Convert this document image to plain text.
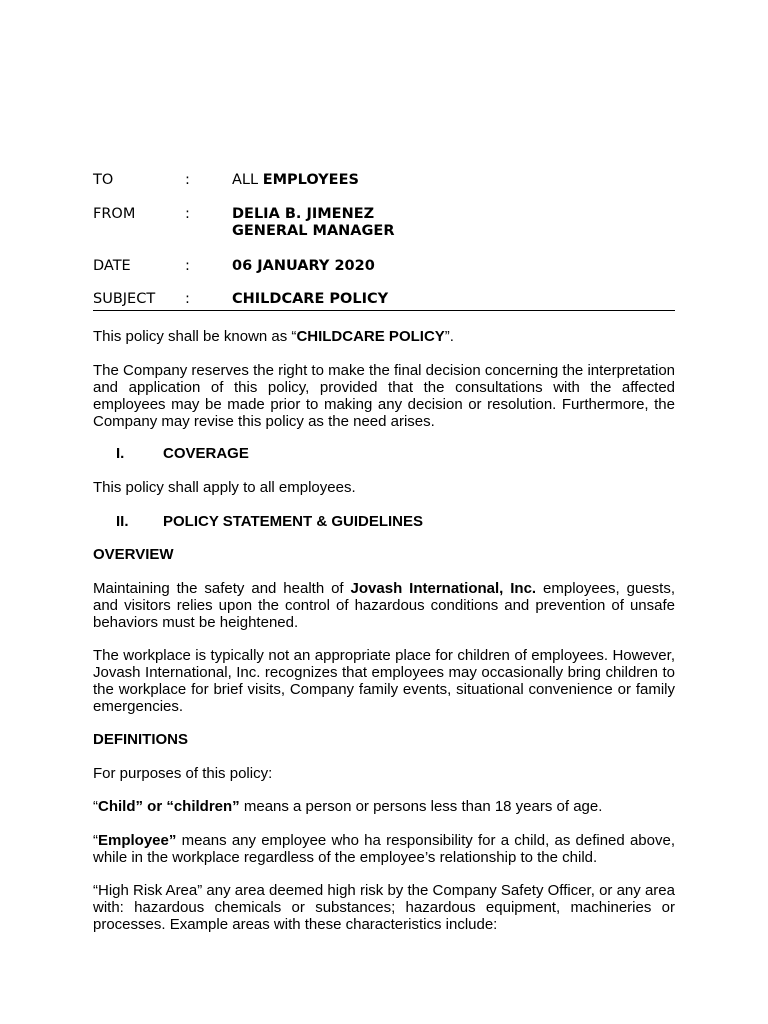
TO	:	ALL EMPLOYEES
FROM	:	DELIA B. JIMENEZ
GENERAL MANAGER
DATE	:	06 JANUARY 2020
SUBJECT :	CHILDCARE POLICY

This policy shall be known as “CHILDCARE POLICY”.

The Company reserves the right to make the final decision concerning the interpretation and application of this policy, provided that the consultations with the affected employees may be made prior to making any decision or resolution. Furthermore, the Company may revise this policy as the need arises.

I.	COVERAGE

This policy shall apply to all employees.

II. POLICY STATEMENT & GUIDELINES
OVERVIEW

Maintaining the safety and health of Jovash International, Inc. employees, guests, and visitors relies upon the control of hazardous conditions and prevention of unsafe behaviors must be heightened.

The workplace is typically not an appropriate place for children of employees. However, Jovash International, Inc. recognizes that employees may occasionally bring children to the workplace for brief visits, Company family events, situational convenience or family emergencies.

DEFINITIONS

For purposes of this policy:

“Child” or “children” means a person or persons less than 18 years of age.

“Employee” means any employee who ha responsibility for a child, as defined above, while in the workplace regardless of the employee’s relationship to the child.

“High Risk Area” any area deemed high risk by the Company Safety Officer, or any area with: hazardous chemicals or substances; hazardous equipment, machineries or processes. Example areas with these characteristics include:
